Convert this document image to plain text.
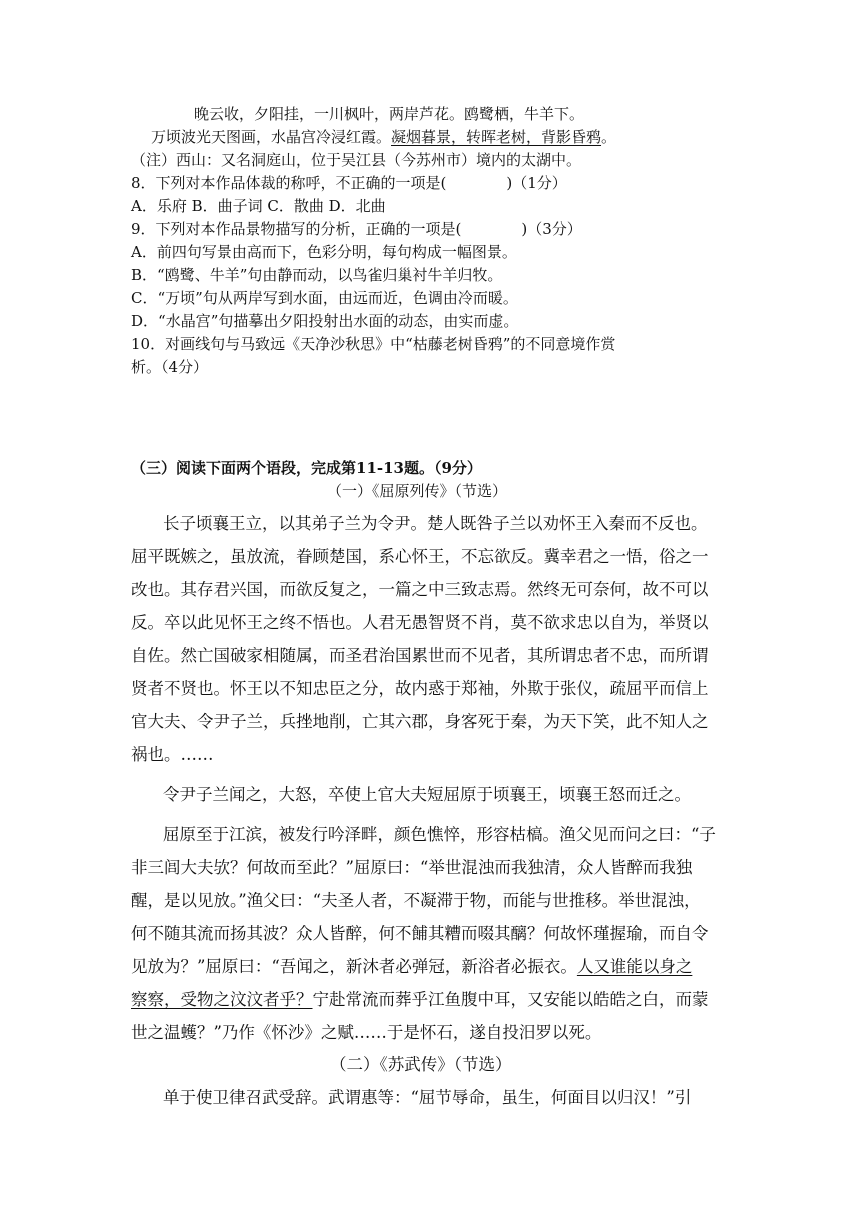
晚云收，夕阳挂，一川枫叶，两岸芦花。鸥鹭栖，牛羊下。
万顷波光天图画，水晶宫冷浸红霞。凝烟暮景，转晖老树，背影昏鸦。
（注）西山：又名洞庭山，位于吴江县（今苏州市）境内的太湖中。
8．下列对本作品体裁的称呼，不正确的一项是(　　　　)（1分）
A．乐府 B．曲子词 C．散曲 D．北曲
9．下列对本作品景物描写的分析，正确的一项是(　　　　)（3分）
A．前四句写景由高而下，色彩分明，每句构成一幅图景。
B．“鸥鹭、牛羊”句由静而动，以鸟雀归巢衬牛羊归牧。
C．“万顷”句从两岸写到水面，由远而近，色调由冷而暖。
D．“水晶宫”句描摹出夕阳投射出水面的动态，由实而虚。
10．对画线句与马致远《天净沙秋思》中“枯藤老树昏鸦”的不同意境作赏
析。（4分）
（三）阅读下面两个语段，完成第11-13题。（9分）
（一）《屈原列传》（节选）
长子顷襄王立，以其弟子兰为令尹。楚人既咎子兰以劝怀王入秦而不反也。
屈平既嫉之，虽放流，眷顾楚国，系心怀王，不忘欲反。冀幸君之一悟，俗之一
改也。其存君兴国，而欲反复之，一篇之中三致志焉。然终无可奈何，故不可以
反。卒以此见怀王之终不悟也。人君无愚智贤不肖，莫不欲求忠以自为，举贤以
自佐。然亡国破家相随属，而圣君治国累世而不见者，其所谓忠者不忠，而所谓
贤者不贤也。怀王以不知忠臣之分，故内惑于郑袖，外欺于张仪，疏屈平而信上
官大夫、令尹子兰，兵挫地削，亡其六郡，身客死于秦，为天下笑，此不知人之
祸也。……
令尹子兰闻之，大怒，卒使上官大夫短屈原于顷襄王，顷襄王怒而迁之。
屈原至于江滨，被发行吟泽畔，颜色憔悴，形容枯槁。渔父见而问之曰：“子
非三闾大夫欤？何故而至此？”屈原曰：“举世混浊而我独清，众人皆醉而我独
醒，是以见放。”渔父曰：“夫圣人者，不凝滞于物，而能与世推移。举世混浊，
何不随其流而扬其波？众人皆醉，何不餔其糟而啜其醨？何故怀瑾握瑜，而自令
见放为？”屈原曰：“吾闻之，新沐者必弹冠，新浴者必振衣。人又谁能以身之
察察，受物之汶汶者乎？宁赴常流而葬乎江鱼腹中耳，又安能以皓皓之白，而蒙
世之温蠖？”乃作《怀沙》之赋……于是怀石，遂自投汨罗以死。
（二）《苏武传》（节选）
单于使卫律召武受辞。武谓惠等：“屈节辱命，虽生，何面目以归汉！”引
